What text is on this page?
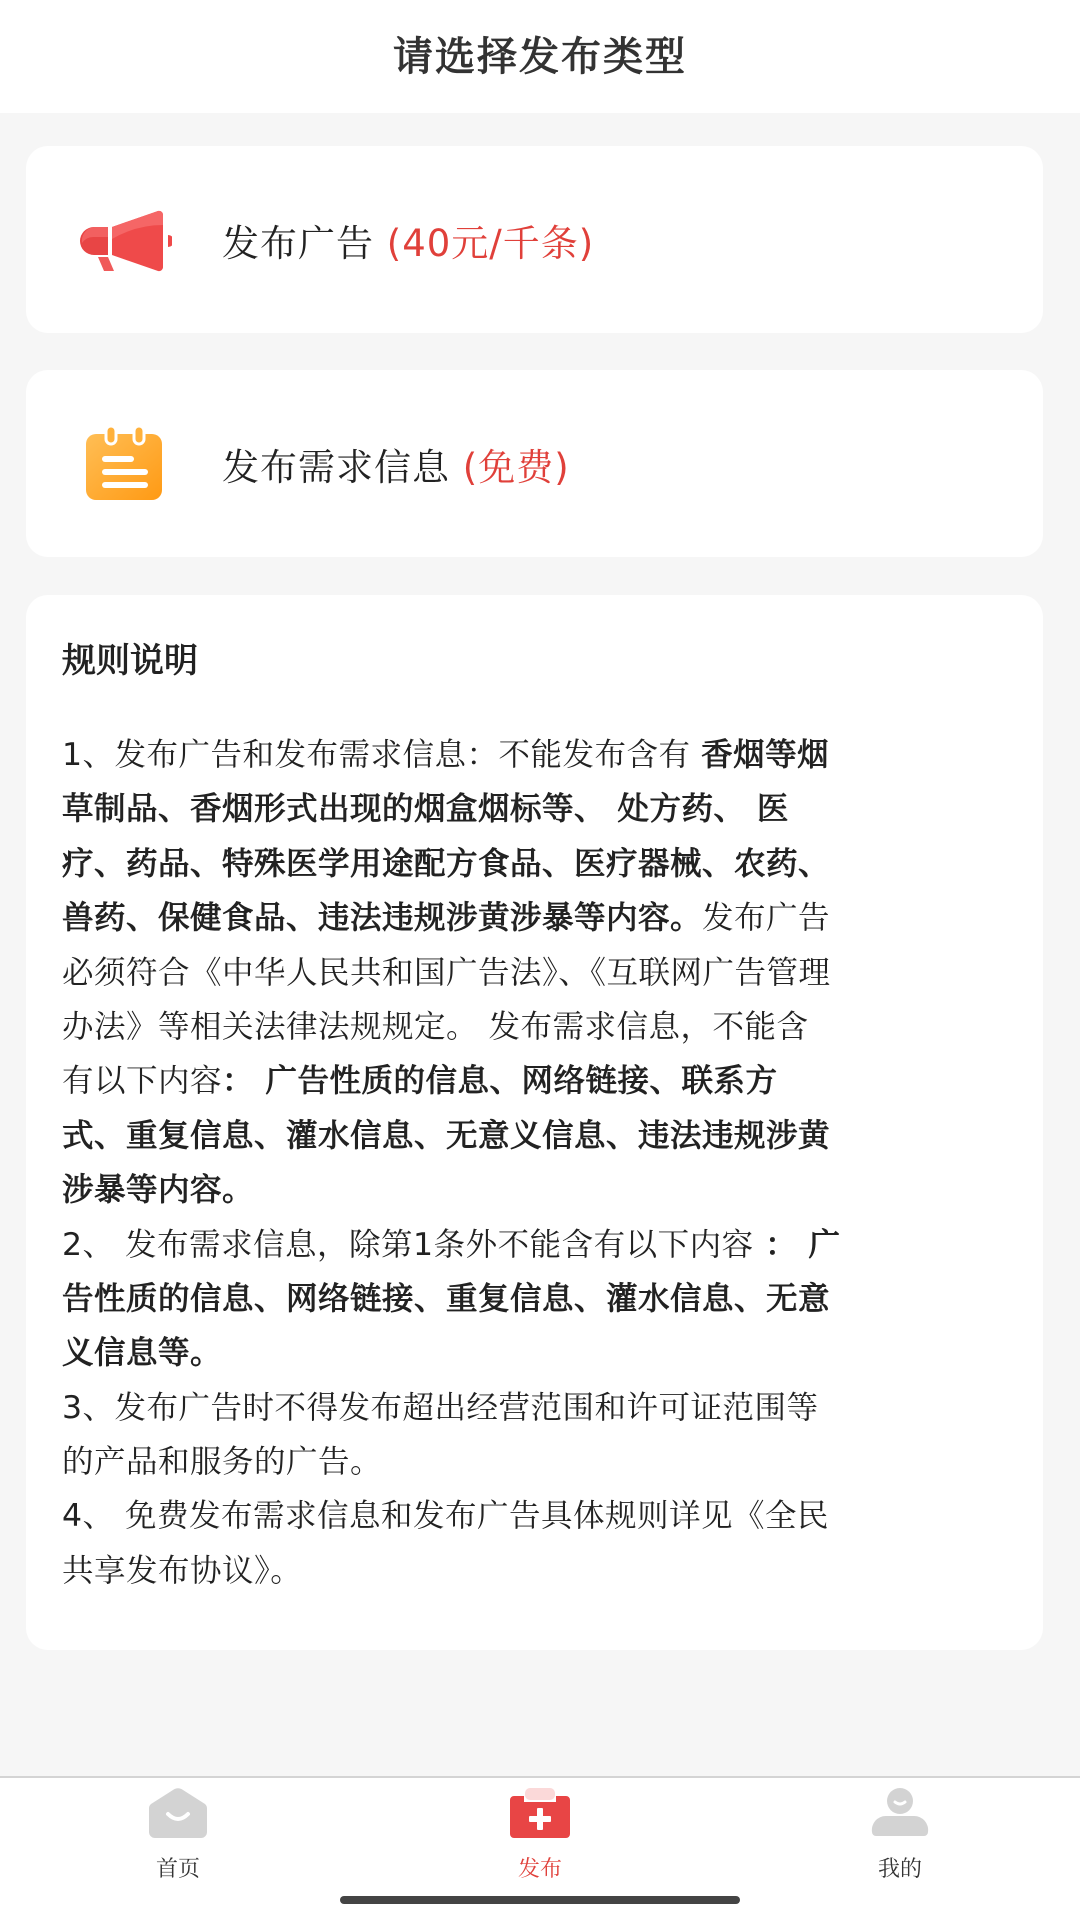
请选择发布类型
发布广告 (40元/千条)
发布需求信息 (免费)
规则说明
1、发布广告和发布需求信息：不能发布含有 香烟等烟
草制品、香烟形式出现的烟盒烟标等、 处方药、 医
疗、药品、特殊医学用途配方食品、医疗器械、农药、
兽药、保健食品、违法违规涉黄涉暴等内容。发布广告
必须符合《中华人民共和国广告法》、《互联网广告管理
办法》等相关法律法规规定。 发布需求信息，不能含
有以下内容： 广告性质的信息、网络链接、联系方
式、重复信息、灌水信息、无意义信息、违法违规涉黄
涉暴等内容。
2、 发布需求信息，除第1条外不能含有以下内容 ： 广
告性质的信息、网络链接、重复信息、灌水信息、无意
义信息等。
3、发布广告时不得发布超出经营范围和许可证范围等
的产品和服务的广告。
4、 免费发布需求信息和发布广告具体规则详见《全民
共享发布协议》。
首页	发布	我的
